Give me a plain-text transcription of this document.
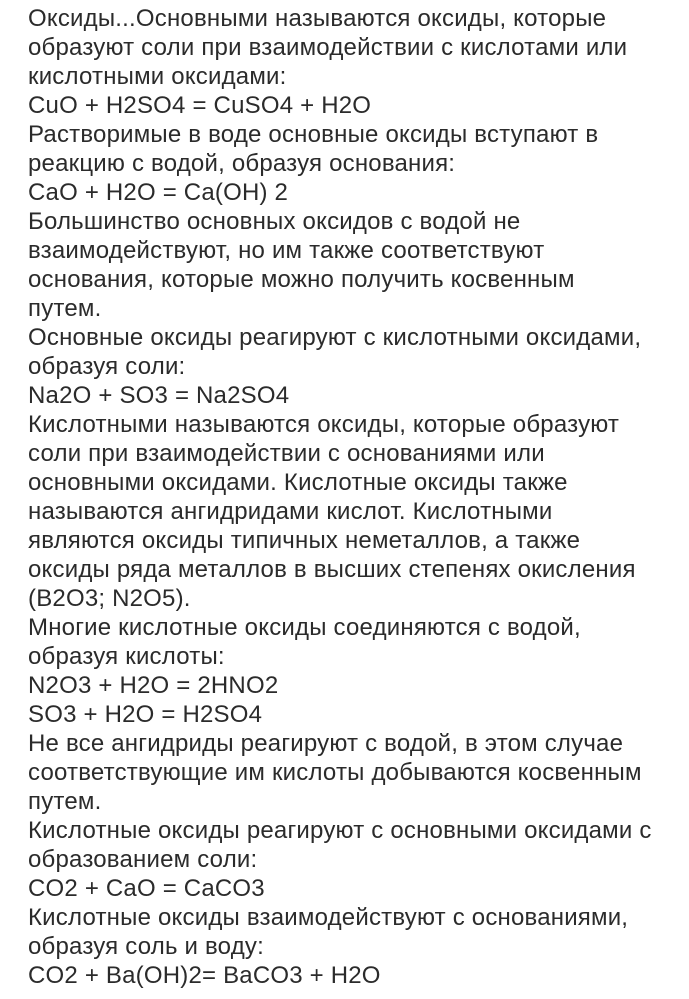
Оксиды...Основными называются оксиды, которые
образуют соли при взаимодействии с кислотами или
кислотными оксидами:
CuO + H2SO4 = CuSO4 + H2O
Растворимые в воде основные оксиды вступают в
реакцию с водой, образуя основания:
CaO + H2O = Ca(OH) 2
Большинство основных оксидов с водой не
взаимодействуют, но им также соответствуют
основания, которые можно получить косвенным
путем.
Основные оксиды реагируют с кислотными оксидами,
образуя соли:
Na2O + SO3 = Na2SO4
Кислотными называются оксиды, которые образуют
соли при взаимодействии с основаниями или
основными оксидами. Кислотные оксиды также
называются ангидридами кислот. Кислотными
являются оксиды типичных неметаллов, а также
оксиды ряда металлов в высших степенях окисления
(B2O3; N2O5).
Многие кислотные оксиды соединяются с водой,
образуя кислоты:
N2O3 + H2O = 2HNO2
SO3 + H2O = H2SO4
Не все ангидриды реагируют с водой, в этом случае
соответствующие им кислоты добываются косвенным
путем.
Кислотные оксиды реагируют с основными оксидами с
образованием соли:
CO2 + CaO = CaCO3
Кислотные оксиды взаимодействуют с основаниями,
образуя соль и воду:
CO2 + Ba(OH)2= BaCO3 + H2O
